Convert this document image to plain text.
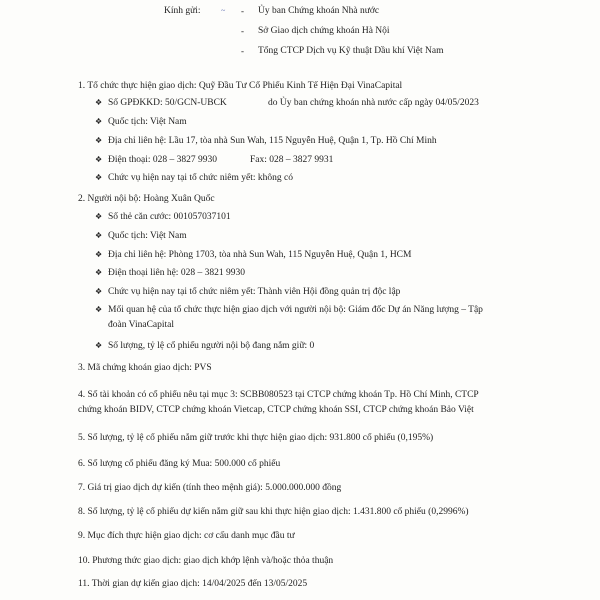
Kính gửi:	~ - Ủy ban Chứng khoán Nhà nước
- Sở Giao dịch chứng khoán Hà Nội
- Tổng CTCP Dịch vụ Kỹ thuật Dầu khí Việt Nam
1. Tổ chức thực hiện giao dịch: Quỹ Đầu Tư Cổ Phiếu Kinh Tế Hiện Đại VinaCapital
❖ Số GPĐKKD: 50/GCN-UBCK	do Ủy ban chứng khoán nhà nước cấp ngày 04/05/2023
❖ Quốc tịch: Việt Nam
❖ Địa chỉ liên hệ: Lầu 17, tòa nhà Sun Wah, 115 Nguyễn Huệ, Quận 1, Tp. Hồ Chí Minh
❖ Điện thoại: 028 – 3827 9930	Fax: 028 – 3827 9931
❖ Chức vụ hiện nay tại tổ chức niêm yết: không có
2. Người nội bộ: Hoàng Xuân Quốc
❖ Số thẻ căn cước: 001057037101
❖ Quốc tịch: Việt Nam
❖ Địa chỉ liên hệ: Phòng 1703, tòa nhà Sun Wah, 115 Nguyễn Huệ, Quận 1, HCM
❖ Điện thoại liên hệ: 028 – 3821 9930
❖ Chức vụ hiện nay tại tổ chức niêm yết: Thành viên Hội đồng quản trị độc lập
❖ Mối quan hệ của tổ chức thực hiện giao dịch với người nội bộ: Giám đốc Dự án Năng lượng – Tập
đoàn VinaCapital
❖ Số lượng, tỷ lệ cổ phiếu người nội bộ đang nắm giữ: 0
3. Mã chứng khoán giao dịch: PVS
4. Số tài khoản có cổ phiếu nêu tại mục 3: SCBB080523 tại CTCP chứng khoán Tp. Hồ Chí Minh, CTCP
chứng khoán BIDV, CTCP chứng khoán Vietcap, CTCP chứng khoán SSI, CTCP chứng khoán Bảo Việt
5. Số lượng, tỷ lệ cổ phiếu nắm giữ trước khi thực hiện giao dịch: 931.800 cổ phiếu (0,195%)
6. Số lượng cổ phiếu đăng ký Mua: 500.000 cổ phiếu
7. Giá trị giao dịch dự kiến (tính theo mệnh giá): 5.000.000.000 đồng
8. Số lượng, tỷ lệ cổ phiếu dự kiến nắm giữ sau khi thực hiện giao dịch: 1.431.800 cổ phiếu (0,2996%)
9. Mục đích thực hiện giao dịch: cơ cấu danh mục đầu tư
10. Phương thức giao dịch: giao dịch khớp lệnh và/hoặc thỏa thuận
11. Thời gian dự kiến giao dịch: 14/04/2025 đến 13/05/2025
